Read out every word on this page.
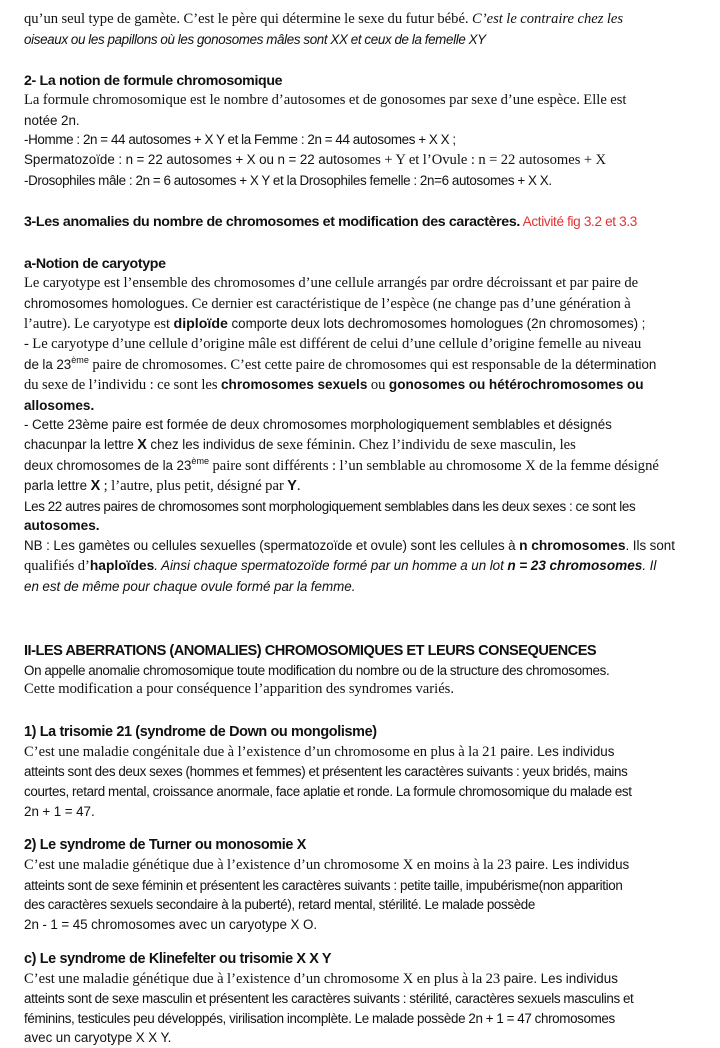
qu’un seul type de gamète. C’est le père qui détermine le sexe du futur bébé. C’est le contraire chez les
oiseaux ou les papillons où les gonosomes mâles sont XX et ceux de la femelle XY
2- La notion de formule chromosomique
La formule chromosomique est le nombre d’autosomes et de gonosomes par sexe d’une espèce. Elle est
notée 2n.
-Homme : 2n = 44 autosomes + X Y et la Femme : 2n = 44 autosomes + X X ;
Spermatozoïde : n = 22 autosomes + X ou n = 22 autosomes + Y et l’Ovule : n = 22 autosomes + X
-Drosophiles mâle : 2n = 6 autosomes + X Y et la Drosophiles femelle : 2n=6 autosomes + X X.
3-Les anomalies du nombre de chromosomes et modification des caractères. Activité fig 3.2 et 3.3
a-Notion de caryotype
Le caryotype est l’ensemble des chromosomes d’une cellule arrangés par ordre décroissant et par paire de
chromosomes homologues. Ce dernier est caractéristique de l’espèce (ne change pas d’une génération à
l’autre). Le caryotype est diploïde comporte deux lots dechromosomes homologues (2n chromosomes) ;
- Le caryotype d’une cellule d’origine mâle est différent de celui d’une cellule d’origine femelle au niveau
de la 23ème paire de chromosomes. C’est cette paire de chromosomes qui est responsable de la détermination
du sexe de l’individu : ce sont les chromosomes sexuels ou gonosomes ou hétérochromosomes ou
allosomes.
- Cette 23ème paire est formée de deux chromosomes morphologiquement semblables et désignés
chacunpar la lettre X chez les individus de sexe féminin. Chez l’individu de sexe masculin, les
deux chromosomes de la 23ème paire sont différents : l’un semblable au chromosome X de la femme désigné
parla lettre X ; l’autre, plus petit, désigné par Y.
Les 22 autres paires de chromosomes sont morphologiquement semblables dans les deux sexes : ce sont les
autosomes.
NB : Les gamètes ou cellules sexuelles (spermatozoïde et ovule) sont les cellules à n chromosomes. Ils sont
qualifiés d’haploïdes. Ainsi chaque spermatozoïde formé par un homme a un lot n = 23 chromosomes. Il
en est de même pour chaque ovule formé par la femme.
II-LES ABERRATIONS (ANOMALIES) CHROMOSOMIQUES ET LEURS CONSEQUENCES
On appelle anomalie chromosomique toute modification du nombre ou de la structure des chromosomes.
Cette modification a pour conséquence l’apparition des syndromes variés.
1) La trisomie 21 (syndrome de Down ou mongolisme)
C’est une maladie congénitale due à l’existence d’un chromosome en plus à la 21 paire. Les individus
atteints sont des deux sexes (hommes et femmes) et présentent les caractères suivants : yeux bridés, mains
courtes, retard mental, croissance anormale, face aplatie et ronde. La formule chromosomique du malade est
2n + 1 = 47.
2) Le syndrome de Turner ou monosomie X
C’est une maladie génétique due à l’existence d’un chromosome X en moins à la 23 paire. Les individus
atteints sont de sexe féminin et présentent les caractères suivants : petite taille, impubérisme(non apparition
des caractères sexuels secondaire à la puberté), retard mental, stérilité. Le malade possède
2n - 1 = 45 chromosomes avec un caryotype X O.
c) Le syndrome de Klinefelter ou trisomie X X Y
C’est une maladie génétique due à l’existence d’un chromosome X en plus à la 23 paire. Les individus
atteints sont de sexe masculin et présentent les caractères suivants : stérilité, caractères sexuels masculins et
féminins, testicules peu développés, virilisation incomplète. Le malade possède 2n + 1 = 47 chromosomes
avec un caryotype X X Y.
